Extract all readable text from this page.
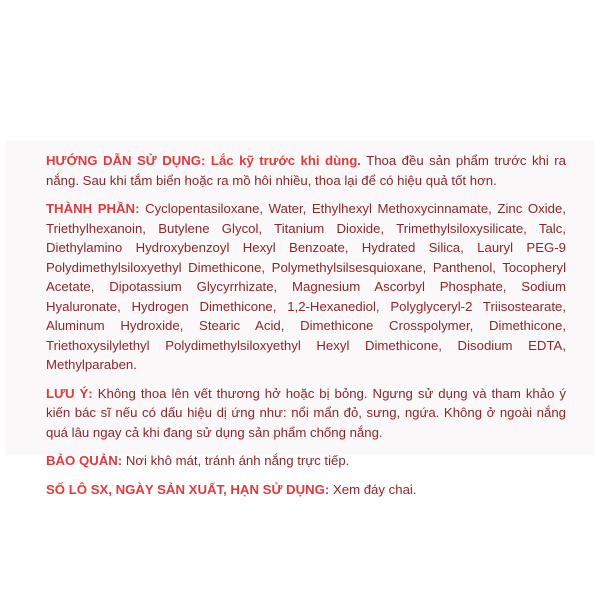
HƯỚNG DẪN SỬ DỤNG: Lắc kỹ trước khi dùng. Thoa đều sản phẩm trước khi ra nắng. Sau khi tắm biển hoặc ra mồ hôi nhiều, thoa lại để có hiệu quả tốt hơn.

THÀNH PHẦN: Cyclopentasiloxane, Water, Ethylhexyl Methoxycinnamate, Zinc Oxide, Triethylhexanoin, Butylene Glycol, Titanium Dioxide, Trimethylsiloxysilicate, Talc, Diethylamino Hydroxybenzoyl Hexyl Benzoate, Hydrated Silica, Lauryl PEG-9 Polydimethylsiloxyethyl Dimethicone, Polymethylsilsesquioxane, Panthenol, Tocopheryl Acetate, Dipotassium Glycyrrhizate, Magnesium Ascorbyl Phosphate, Sodium Hyaluronate, Hydrogen Dimethicone, 1,2-Hexanediol, Polyglyceryl-2 Triisostearate, Aluminum Hydroxide, Stearic Acid, Dimethicone Crosspolymer, Dimethicone, Triethoxysilylethyl Polydimethylsiloxyethyl Hexyl Dimethicone, Disodium EDTA, Methylparaben.

LƯU Ý: Không thoa lên vết thương hở hoặc bị bỏng. Ngưng sử dụng và tham khảo ý kiến bác sĩ nếu có dấu hiệu dị ứng như: nổi mẩn đỏ, sưng, ngứa. Không ở ngoài nắng quá lâu ngay cả khi đang sử dụng sản phẩm chống nắng.

BẢO QUẢN: Nơi khô mát, tránh ánh nắng trực tiếp.

SỐ LÔ SX, NGÀY SẢN XUẤT, HẠN SỬ DỤNG: Xem đáy chai.
